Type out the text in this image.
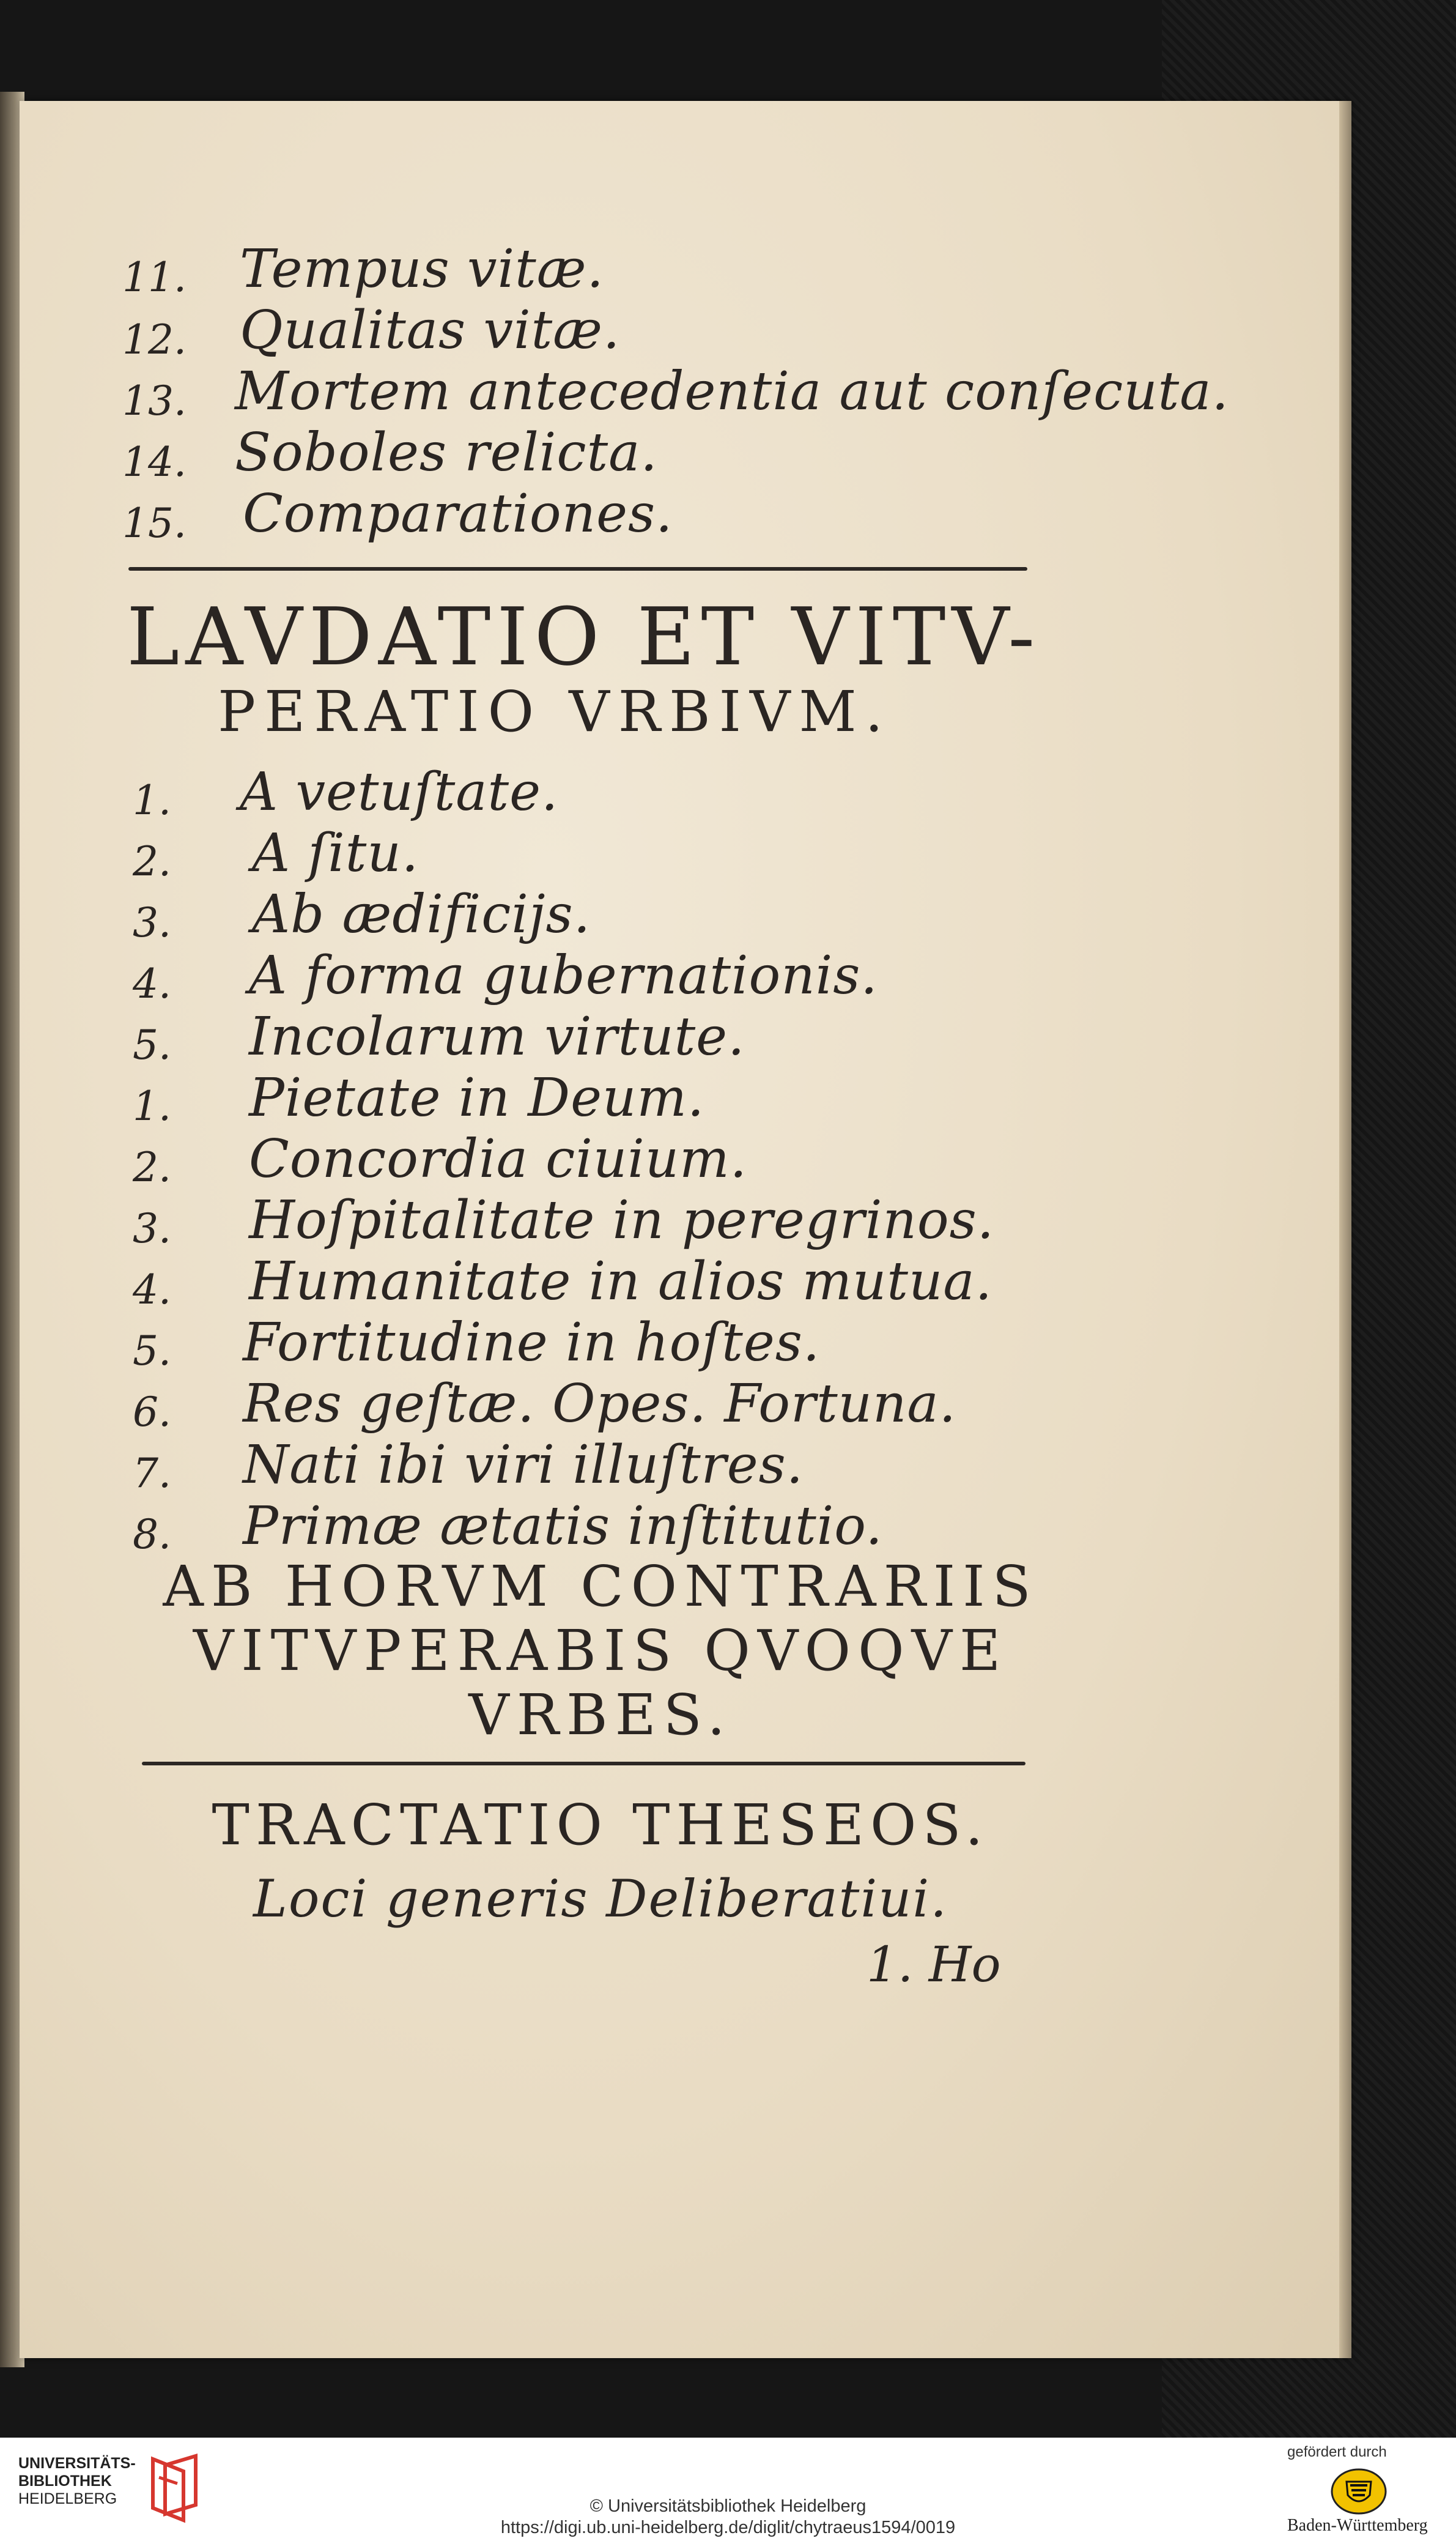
11. Tempus vitæ.
12. Qualitas vitæ.
13. Mortem antecedentia aut conſecuta.
14. Soboles relicta.
15. Comparationes.
LAVDATIO ET VITV-
PERATIO VRBIVM.
1. A vetuſtate.
2. A ſitu.
3. Ab ædificijs.
4. A forma gubernationis.
5. Incolarum virtute.
1. Pietate in Deum.
2. Concordia ciuium.
3. Hoſpitalitate in peregrinos.
4. Humanitate in alios mutua.
5. Fortitudine in hoſtes.
6. Res geſtæ. Opes. Fortuna.
7. Nati ibi viri illuſtres.
8. Primæ ætatis inſtitutio.
AB HORVM CONTRARIIS
VITVPERABIS QVOQVE
VRBES.
TRACTATIO THESEOS.
Loci generis Deliberatiui.
1. Ho
UNIVERSITÄTS-
BIBLIOTHEK
HEIDELBERG	© Universitätsbibliothek Heidelberg
https://digi.ub.uni-heidelberg.de/diglit/chytraeus1594/0019
gefördert durch
Baden-Württemberg
